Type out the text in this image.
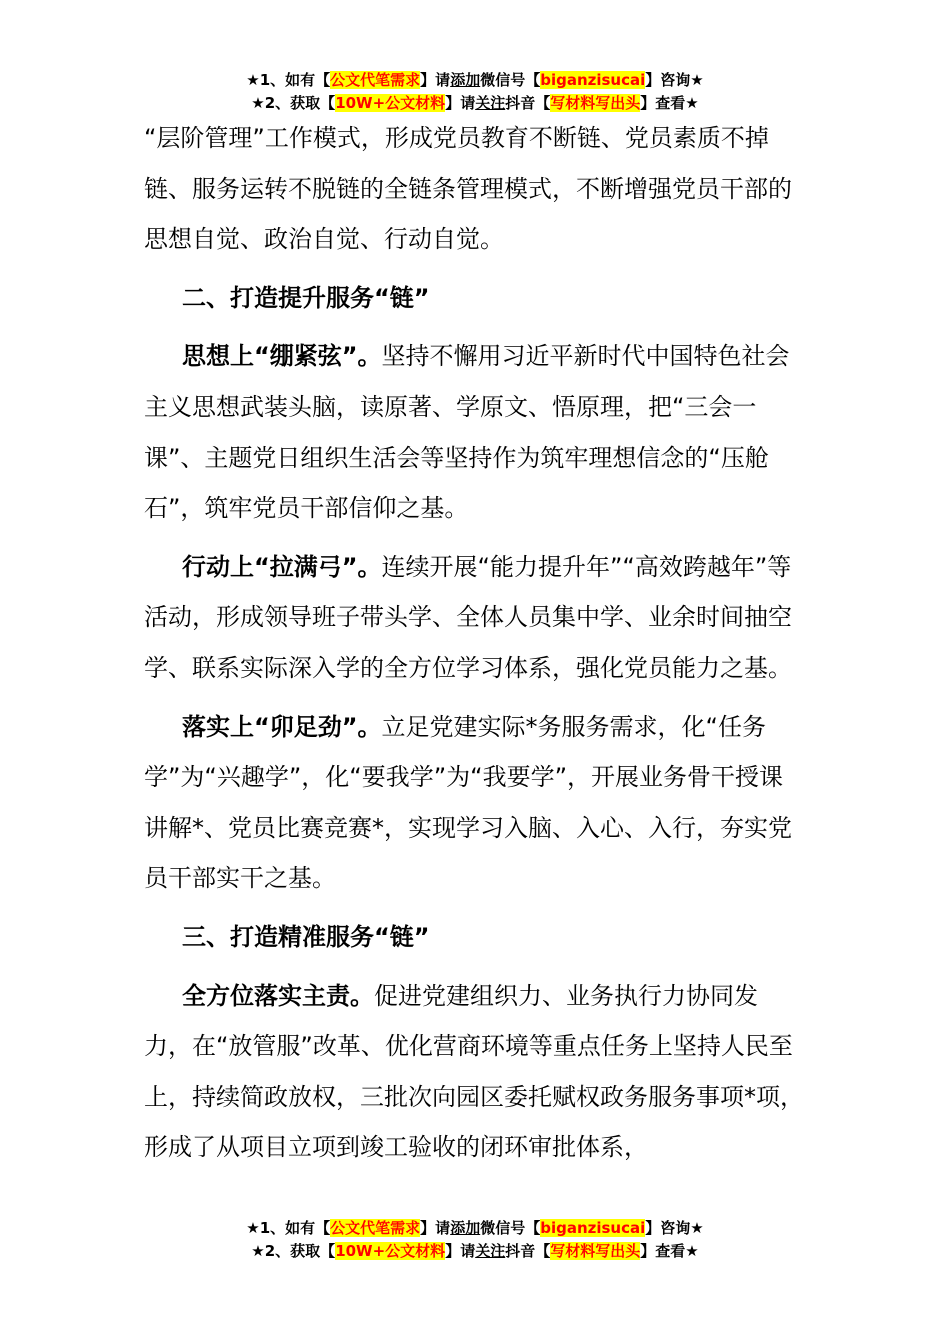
★1、如有【公文代笔需求】请添加微信号【biganzisucai】咨询★
★2、获取【10W+公文材料】请关注抖音【写材料写出头】查看★

“层阶管理”工作模式，形成党员教育不断链、党员素质不掉链、服务运转不脱链的全链条管理模式，不断增强党员干部的思想自觉、政治自觉、行动自觉。

二、打造提升服务“链”

思想上“绷紧弦”。坚持不懈用习近平新时代中国特色社会主义思想武装头脑，读原著、学原文、悟原理，把“三会一课”、主题党日组织生活会等坚持作为筑牢理想信念的“压舱石”，筑牢党员干部信仰之基。

行动上“拉满弓”。连续开展“能力提升年”“高效跨越年”等活动，形成领导班子带头学、全体人员集中学、业余时间抽空学、联系实际深入学的全方位学习体系，强化党员能力之基。

落实上“卯足劲”。立足党建实际*务服务需求，化“任务学”为“兴趣学”，化“要我学”为“我要学”，开展业务骨干授课讲解*、党员比赛竞赛*，实现学习入脑、入心、入行，夯实党员干部实干之基。

三、打造精准服务“链”

全方位落实主责。促进党建组织力、业务执行力协同发力，在“放管服”改革、优化营商环境等重点任务上坚持人民至上，持续简政放权，三批次向园区委托赋权政务服务事项*项，形成了从项目立项到竣工验收的闭环审批体系，

★1、如有【公文代笔需求】请添加微信号【biganzisucai】咨询★
★2、获取【10W+公文材料】请关注抖音【写材料写出头】查看★
